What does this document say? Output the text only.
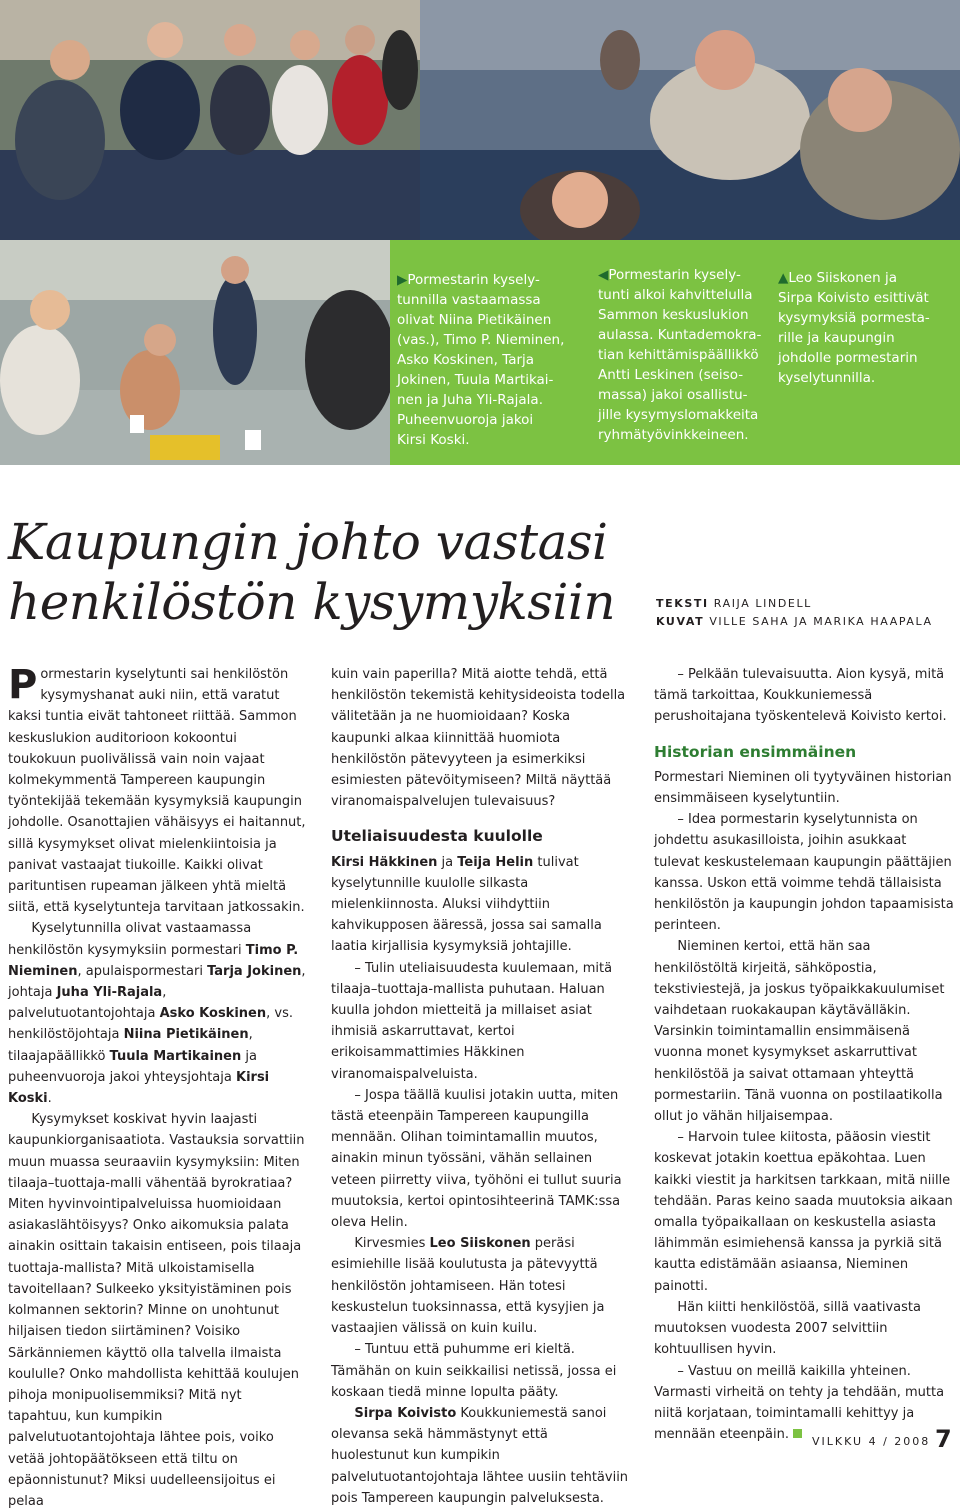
▶Pormestarin kysely-
tunnilla vastaamassa
olivat Niina Pietikäinen
(vas.), Timo P. Nieminen,
Asko Koskinen, Tarja
Jokinen, Tuula Martikai-
nen ja Juha Yli-Rajala.
Puheenvuoroja jakoi
Kirsi Koski.
◀Pormestarin kysely-
tunti alkoi kahvittelulla
Sammon keskuslukion
aulassa. Kuntademokra-
tian kehittämispäällikkö
Antti Leskinen (seiso-
massa) jakoi osallistu-
jille kysymyslomakkeita
ryhmätyövinkkeineen.
▲Leo Siiskonen ja
Sirpa Koivisto esittivät
kysymyksiä pormesta-
rille ja kaupungin
johdolle pormestarin
kyselytunnilla.
Kaupungin johto vastasi
henkilöstön kysymyksiin	TEKSTI RAIJA LINDELL
KUVAT VILLE SAHA JA MARIKA HAAPALA

Pormestarin kyselytunti sai henkilöstön kysymyshanat auki niin, että varatut kaksi tuntia eivät tahtoneet riittää. Sammon keskuslukion auditorioon kokoontui toukokuun puolivälissä vain noin vajaat kolmekymmentä Tampereen kaupungin työntekijää tekemään kysymyksiä kaupungin johdolle. Osanottajien vähäisyys ei haitannut, sillä kysymykset olivat mielenkiintoisia ja panivat vastaajat tiukoille. Kaikki olivat parituntisen rupeaman jälkeen yhtä mieltä siitä, että kyselytunteja tarvitaan jatkossakin.

Kyselytunnilla olivat vastaamassa henkilöstön kysymyksiin pormestari Timo P. Nieminen, apulaispormestari Tarja Jokinen, johtaja Juha Yli-Rajala, palvelutuotantojohtaja Asko Koskinen, vs. henkilöstöjohtaja Niina Pietikäinen, tilaajapäällikkö Tuula Martikainen ja puheenvuoroja jakoi yhteysjohtaja Kirsi Koski.

Kysymykset koskivat hyvin laajasti kaupunkiorganisaatiota. Vastauksia sorvattiin muun muassa seuraaviin kysymyksiin: Miten tilaaja–tuottaja-malli vähentää byrokratiaa? Miten hyvinvointipalveluissa huomioidaan asiakaslähtöisyys? Onko aikomuksia palata ainakin osittain takaisin entiseen, pois tilaaja tuottaja-mallista? Mitä ulkoistamisella tavoitellaan? Sulkeeko yksityistäminen pois kolmannen sektorin? Minne on unohtunut hiljaisen tiedon siirtäminen? Voisiko Särkänniemen käyttö olla talvella ilmaista koululle? Onko mahdollista kehittää koulujen pihoja monipuolisemmiksi? Mitä nyt tapahtuu, kun kumpikin palvelutuotantojohtaja lähtee pois, voiko vetää johtopäätökseen että tiltu on epäonnistunut? Miksi uudelleensijoitus ei pelaa

kuin vain paperilla? Mitä aiotte tehdä, että henkilöstön tekemistä kehitysideoista todella välitetään ja ne huomioidaan? Koska kaupunki alkaa kiinnittää huomiota henkilöstön pätevyyteen ja esimerkiksi esimiesten pätevöitymiseen? Miltä näyttää viranomaispalvelujen tulevaisuus?

Uteliaisuudesta kuulolle

Kirsi Häkkinen ja Teija Helin tulivat kyselytunnille kuulolle silkasta mielenkiinnosta. Aluksi viihdyttiin kahvikupposen ääressä, jossa sai samalla laatia kirjallisia kysymyksiä johtajille.

– Tulin uteliaisuudesta kuulemaan, mitä tilaaja–tuottaja-mallista puhutaan. Haluan kuulla johdon mietteitä ja millaiset asiat ihmisiä askarruttavat, kertoi erikoisammattimies Häkkinen viranomaispalveluista.

– Jospa täällä kuulisi jotakin uutta, miten tästä eteenpäin Tampereen kaupungilla mennään. Olihan toimintamallin muutos, ainakin minun työssäni, vähän sellainen veteen piirretty viiva, työhöni ei tullut suuria muutoksia, kertoi opintosihteerinä TAMK:ssa oleva Helin.

Kirvesmies Leo Siiskonen peräsi esimiehille lisää koulutusta ja pätevyyttä henkilöstön johtamiseen. Hän totesi keskustelun tuoksinnassa, että kysyjien ja vastaajien välissä on kuin kuilu.

– Tuntuu että puhumme eri kieltä. Tämähän on kuin seikkailisi netissä, jossa ei koskaan tiedä minne lopulta pääty.

Sirpa Koivisto Koukkuniemestä sanoi olevansa sekä hämmästynyt että huolestunut kun kumpikin palvelutuotantojohtaja lähtee uusiin tehtäviin pois Tampereen kaupungin palveluksesta.

– Pelkään tulevaisuutta. Aion kysyä, mitä tämä tarkoittaa, Koukkuniemessä perushoitajana työskentelevä Koivisto kertoi.

Historian ensimmäinen

Pormestari Nieminen oli tyytyväinen historian ensimmäiseen kyselytuntiin.

– Idea pormestarin kyselytunnista on johdettu asukasilloista, joihin asukkaat tulevat keskustelemaan kaupungin päättäjien kanssa. Uskon että voimme tehdä tällaisista henkilöstön ja kaupungin johdon tapaamisista perinteen.

Nieminen kertoi, että hän saa henkilöstöltä kirjeitä, sähköpostia, tekstiviestejä, ja joskus työpaikkakuulumiset vaihdetaan ruokakaupan käytävälläkin. Varsinkin toimintamallin ensimmäisenä vuonna monet kysymykset askarruttivat henkilöstöä ja saivat ottamaan yhteyttä pormestariin. Tänä vuonna on postilaatikolla ollut jo vähän hiljaisempaa.

– Harvoin tulee kiitosta, pääosin viestit koskevat jotakin koettua epäkohtaa. Luen kaikki viestit ja harkitsen tarkkaan, mitä niille tehdään. Paras keino saada muutoksia aikaan omalla työpaikallaan on keskustella asiasta lähimmän esimiehensä kanssa ja pyrkiä sitä kautta edistämään asiaansa, Nieminen painotti.

Hän kiitti henkilöstöä, sillä vaativasta muutoksen vuodesta 2007 selvittiin kohtuullisen hyvin.

– Vastuu on meillä kaikilla yhteinen. Varmasti virheitä on tehty ja tehdään, mutta niitä korjataan, toimintamalli kehittyy ja mennään eteenpäin.	VILKKU 4 / 2008 7
